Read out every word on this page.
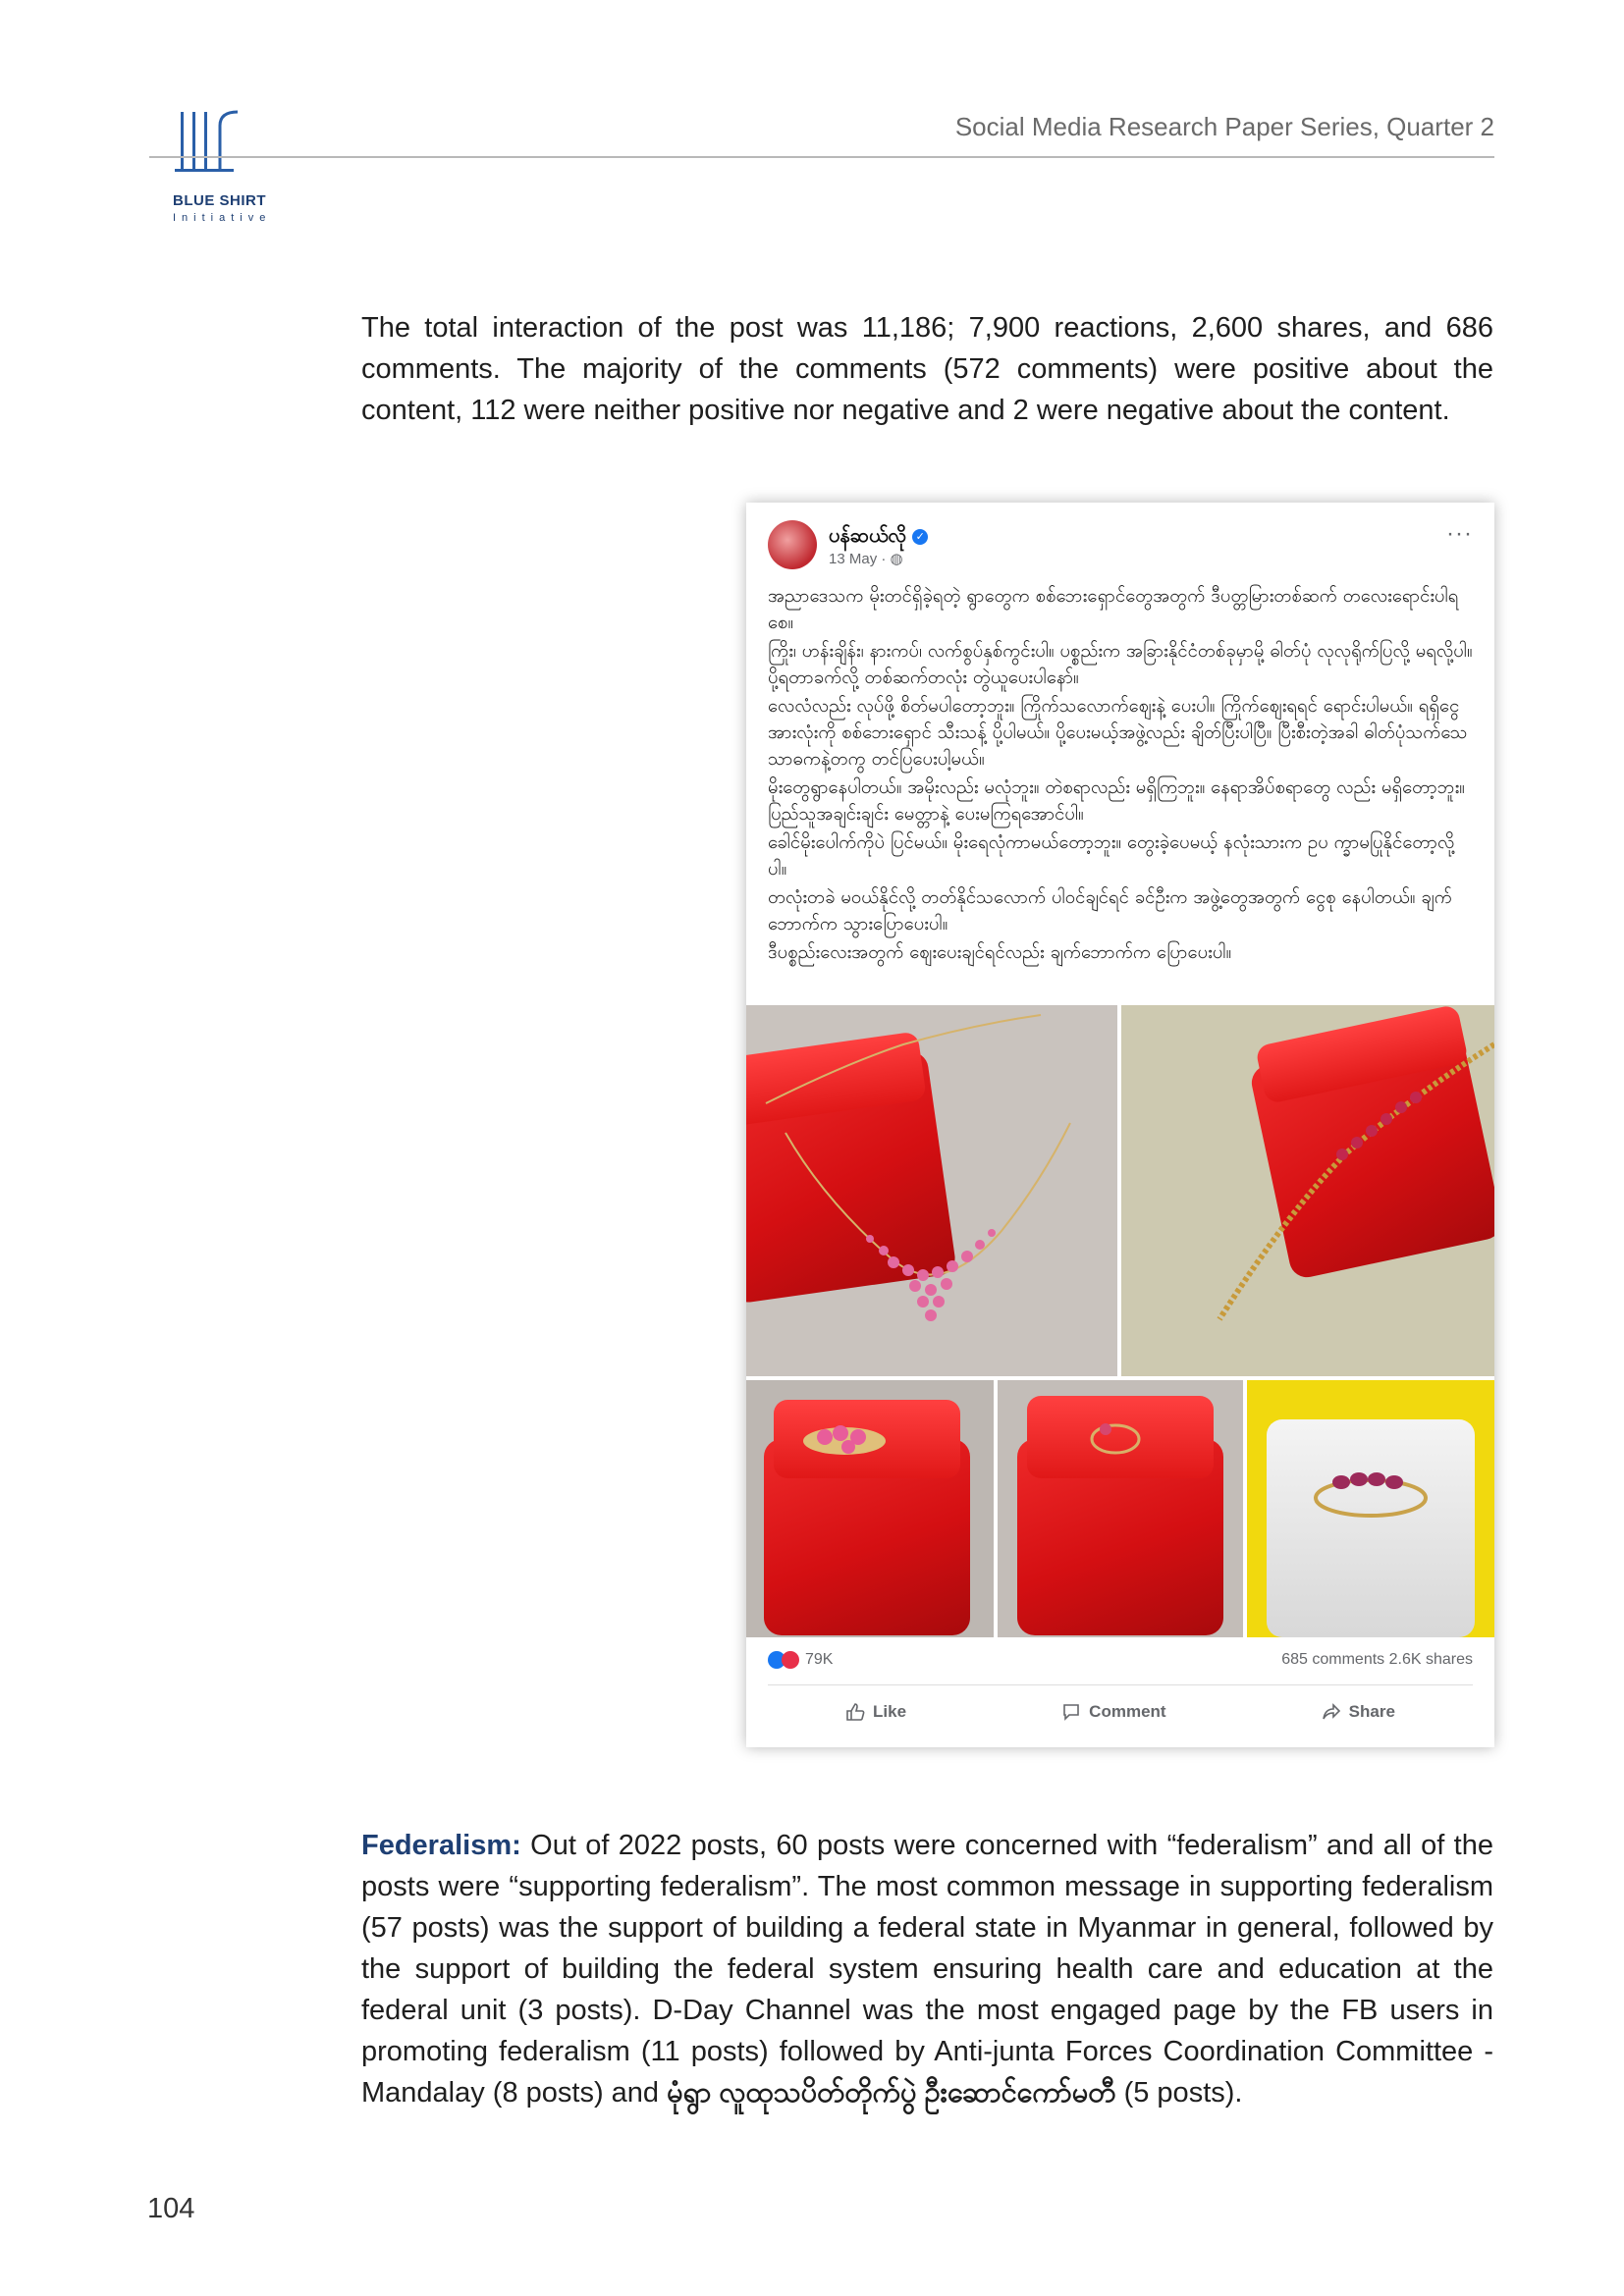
BLUE SHIRT
Initiative
Social Media Research Paper Series, Quarter 2
The total interaction of the post was 11,186; 7,900 reactions, 2,600 shares, and 686 comments. The majority of the comments (572 comments) were positive about the content, 112 were neither positive nor negative and 2 were negative about the content.
ပန်ဆယ်လို ✓
13 May · ◍
···

အညာဒေသက မိုးတင်ရှိခဲ့ရတဲ့ ရွာတွေက စစ်ဘေးရှောင်တွေအတွက် ဒီပတ္တမြားတစ်ဆက် တလေးရောင်းပါရစေ။

ကြိုး၊ ဟန်းချိန်း၊ နားကပ်၊ လက်စွပ်နှစ်ကွင်းပါ။ ပစ္စည်းက အခြားနိုင်ငံတစ်ခုမှာမို့ ဓါတ်ပုံ လုလုရိုက်ပြလို့ မရလို့ပါ။ ပို့ရတာခက်လို့ တစ်ဆက်တလုံး တွဲယူပေးပါနော်။

လေလံလည်း လုပ်ဖို့ စိတ်မပါတော့ဘူး။ ကြိုက်သလောက်ဈေးနဲ့ ပေးပါ။ ကြိုက်ဈေးရရင် ရောင်းပါမယ်။ ရရှိငွေအားလုံးကို စစ်ဘေးရှောင် သီးသန့် ပို့ပါမယ်။ ပို့ပေးမယ့်အဖွဲ့လည်း ချိတ်ပြီးပါပြီ။ ပြီးစီးတဲ့အခါ ဓါတ်ပုံသက်သေသာဓကနဲ့တကွ တင်ပြပေးပါ့မယ်။

မိုးတွေရွာနေပါတယ်။ အမိုးလည်း မလုံဘူး။ တဲစရာလည်း မရှိကြဘူး။ နေရာအိပ်စရာတွေ လည်း မရှိတော့ဘူး။ ပြည်သူအချင်းချင်း မေတ္တာနဲ့ ပေးမကြရအောင်ပါ။

ခေါင်မိုးပေါက်ကိုပဲ ပြင်မယ်။ မိုးရေလုံကာမယ်တော့ဘူး။ တွေးခဲ့ပေမယ့် နလုံးသားက ဥပ က္ခာမပြုနိုင်တော့လို့ပါ။

တလုံးတခဲ မဝယ်နိုင်လို့ တတ်နိုင်သလောက် ပါဝင်ချင်ရင် ခင်ဦးက အဖွဲ့တွေအတွက် ငွေစု နေပါတယ်။ ချက်ဘောက်က သွားပြောပေးပါ။

ဒီပစ္စည်းလေးအတွက် ဈေးပေးချင်ရင်လည်း ချက်ဘောက်က ပြောပေးပါ။

79K	685 comments 2.6K shares
Like	Comment	Share
Federalism: Out of 2022 posts, 60 posts were concerned with “federalism” and all of the posts were “supporting federalism”. The most common message in supporting federalism (57 posts) was the support of building a federal state in Myanmar in general, followed by the support of building the federal system ensuring health care and education at the federal unit (3 posts). D-Day Channel was the most engaged page by the FB users in promoting federalism (11 posts) followed by Anti-junta Forces Coordination Committee - Mandalay (8 posts) and မုံရွာ လူထုသပိတ်တိုက်ပွဲ ဦးဆောင်ကော်မတီ (5 posts).
104
